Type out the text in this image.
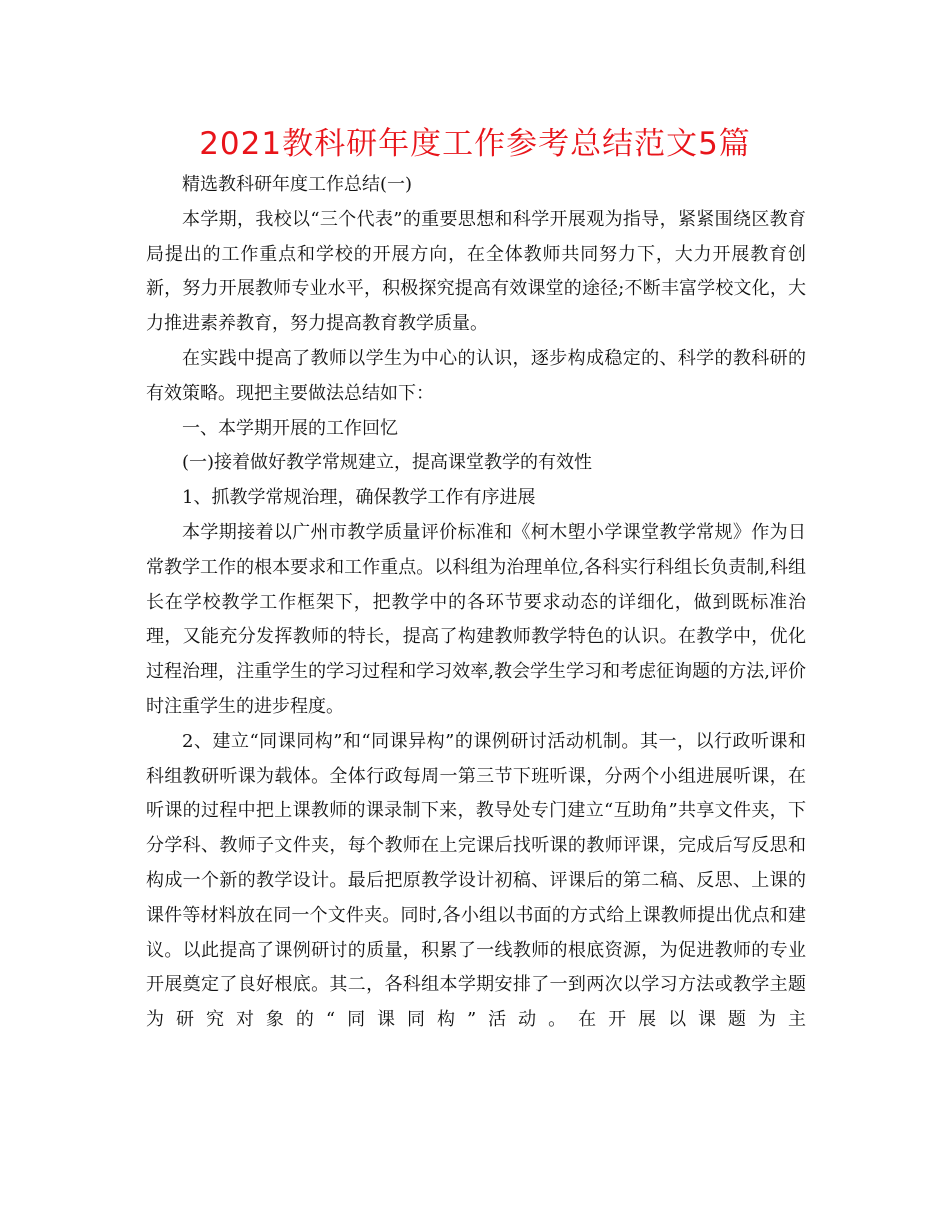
2021教科研年度工作参考总结范文5篇

精选教科研年度工作总结(一)

本学期，我校以“三个代表”的重要思想和科学开展观为指导，紧紧围绕区教育局提出的工作重点和学校的开展方向，在全体教师共同努力下，大力开展教育创新，努力开展教师专业水平，积极探究提高有效课堂的途径;不断丰富学校文化，大力推进素养教育，努力提高教育教学质量。

在实践中提高了教师以学生为中心的认识，逐步构成稳定的、科学的教科研的有效策略。现把主要做法总结如下：

一、本学期开展的工作回忆

(一)接着做好教学常规建立，提高课堂教学的有效性

1、抓教学常规治理，确保教学工作有序进展

本学期接着以广州市教学质量评价标准和《柯木塱小学课堂教学常规》作为日常教学工作的根本要求和工作重点。以科组为治理单位,各科实行科组长负责制,科组长在学校教学工作框架下，把教学中的各环节要求动态的详细化，做到既标准治理，又能充分发挥教师的特长，提高了构建教师教学特色的认识。在教学中，优化过程治理，注重学生的学习过程和学习效率,教会学生学习和考虑征询题的方法,评价时注重学生的进步程度。

2、建立“同课同构”和“同课异构”的课例研讨活动机制。其一，以行政听课和科组教研听课为载体。全体行政每周一第三节下班听课，分两个小组进展听课，在听课的过程中把上课教师的课录制下来，教导处专门建立“互助角”共享文件夹，下分学科、教师子文件夹，每个教师在上完课后找听课的教师评课，完成后写反思和构成一个新的教学设计。最后把原教学设计初稿、评课后的第二稿、反思、上课的课件等材料放在同一个文件夹。同时,各小组以书面的方式给上课教师提出优点和建议。以此提高了课例研讨的质量，积累了一线教师的根底资源，为促进教师的专业开展奠定了良好根底。其二，各科组本学期安排了一到两次以学习方法或教学主题为研究对象的“同课同构”活动。在开展以课题为主
